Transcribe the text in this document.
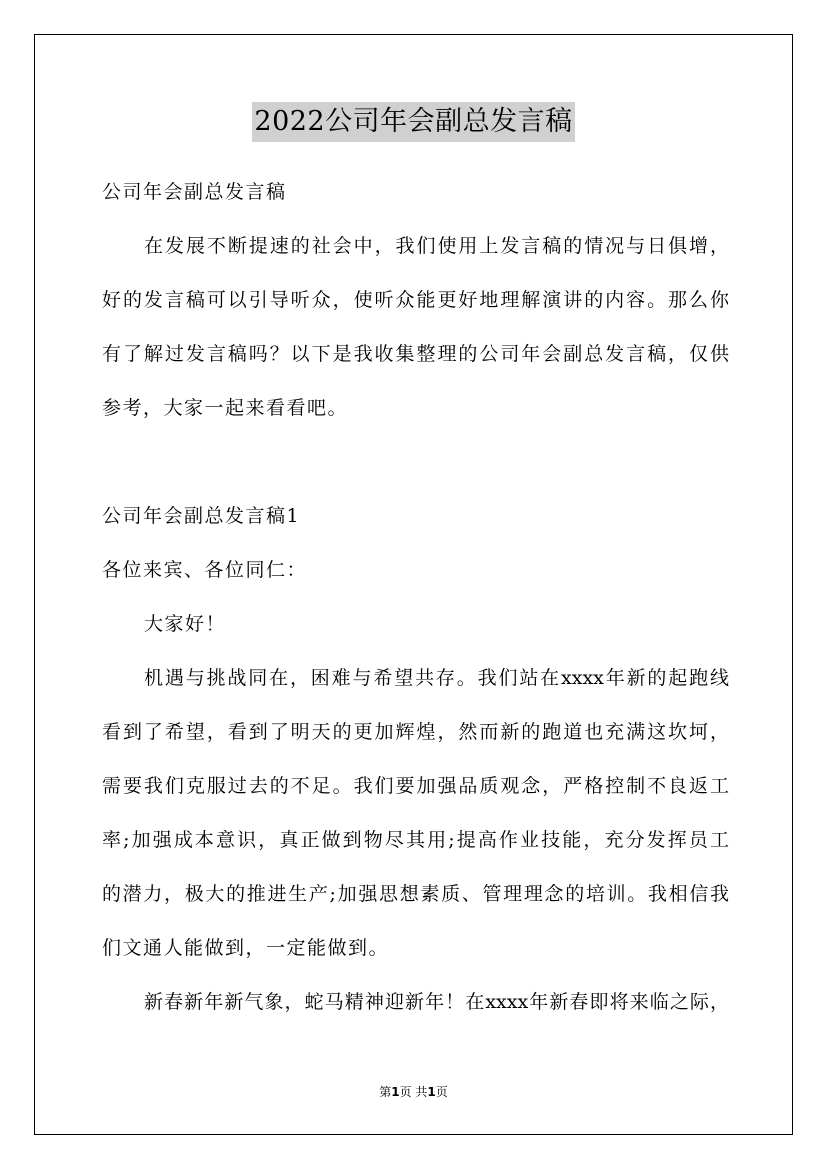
2022公司年会副总发言稿
公司年会副总发言稿
在发展不断提速的社会中，我们使用上发言稿的情况与日俱增，
好的发言稿可以引导听众，使听众能更好地理解演讲的内容。那么你
有了解过发言稿吗？以下是我收集整理的公司年会副总发言稿，仅供
参考，大家一起来看看吧。
公司年会副总发言稿1
各位来宾、各位同仁：
大家好！
机遇与挑战同在，困难与希望共存。我们站在xxxx年新的起跑线
看到了希望，看到了明天的更加辉煌，然而新的跑道也充满这坎坷，
需要我们克服过去的不足。我们要加强品质观念，严格控制不良返工
率;加强成本意识，真正做到物尽其用;提高作业技能，充分发挥员工
的潜力，极大的推进生产;加强思想素质、管理理念的培训。我相信我
们文通人能做到，一定能做到。
新春新年新气象，蛇马精神迎新年！在xxxx年新春即将来临之际，
第1页 共1页
